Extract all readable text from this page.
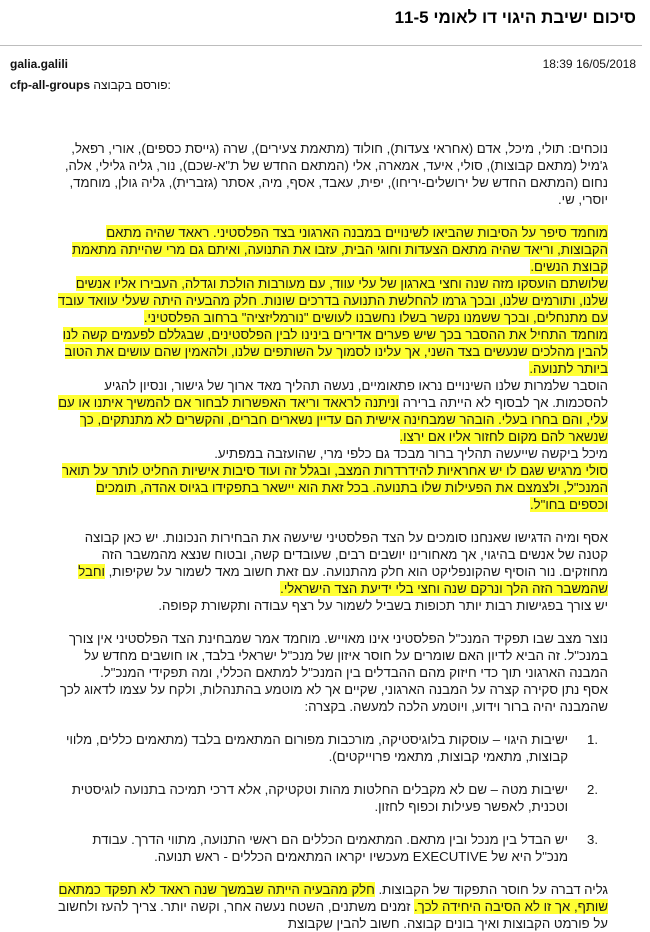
סיכום ישיבת היגוי דו לאומי 11-5
galia.galili	18:39 16/05/2018
cfp-all-groups פורסם בקבוצה:

נוכחים: תולי, מיכל, אדם (אחראי צעדות), חולוד (מתאמת צעירים), שרה (גייסת כספים), אורי, רפאל, ג'מיל (מתאם קבוצות), סולי, איעד, אמארה, אלי (המתאם החדש של ת"א-שכם), נור, גליה גלילי, אלה, נחום (המתאם החדש של ירושלים-יריחו), יפית, עאבד, אסף, מיה, אסתר (גזברית), גליה גולן, מוחמד, יוסרי, שי.

מוחמד סיפר על הסיבות שהביאו לשינויים במבנה הארגוני בצד הפלסטיני. ראאד שהיה מתאם הקבוצות, וריאד שהיה מתאם הצעדות וחוגי הבית, עזבו את התנועה, ואיתם גם מרי שהייתה מתאמת קבוצת הנשים.

שלושתם הועסקו מזה שנה וחצי בארגון של עלי עווד, עם מעורבות הולכת וגדלה, העבירו אליו אנשים שלנו, ותורמים שלנו, ובכך גרמו להחלשת התנועה בדרכים שונות. חלק מהבעיה היתה שעלי עוואד עובד עם מתנחלים, ובכך ששמנו נקשר בשלו נחשבנו לעושים "נורמליזציה" ברחוב הפלסטיני.

מוחמד התחיל את ההסבר בכך שיש פערים אדירים בינינו לבין הפלסטינים, שבגללם לפעמים קשה לנו להבין מהלכים שנעשים בצד השני, אך עלינו לסמוך על השותפים שלנו, ולהאמין שהם עושים את הטוב ביותר לתנועה.

הוסבר שלמרות שלנו השינויים נראו פתאומיים, נעשה תהליך מאד ארוך של גישור, ונסיון להגיע להסכמות. אך לבסוף לא הייתה ברירה וניתנה לראאד וריאד האפשרות לבחור אם להמשיך איתנו או עם עלי, והם בחרו בעלי. הובהר שמבחינה אישית הם עדיין נשארים חברים, והקשרים לא מתנתקים, כך שנשאר להם מקום לחזור אליו אם ירצו.

מיכל ביקשה שייעשה תהליך ברור מבכד גם כלפי מרי, שהועזבה במפתיע.

סולי מרגיש שגם לו יש אחראיות להידרדרות המצב, ובגלל זה ועוד סיבות אישיות החליט לותר על תואר המנכ"ל, ולצמצם את הפעילות שלו בתנועה. בכל זאת הוא יישאר בתפקידו בגיוס אהדה, תומכים וכספים בחו"ל.

אסף ומיה הדגישו שאנחנו סומכים על הצד הפלסטיני שיעשה את הבחירות הנכונות. יש כאן קבוצה קטנה של אנשים בהיגוי, אך מאחורינו יושבים רבים, שעובדים קשה, ובטוח שנצא מהמשבר הזה מחוזקים. נור הוסיף שהקונפליקט הוא חלק מהתנועה. עם זאת חשוב מאד לשמור על שקיפות, וחבל שהמשבר הזה הלך ונרקם שנה וחצי בלי ידיעת הצד הישראלי.

יש צורך בפגישות רבות יותר תכופות בשביל לשמור על רצף עבודה ותקשורת קפופה.

נוצר מצב שבו תפקיד המנכ"ל הפלסטיני אינו מאוייש. מוחמד אמר שמבחינת הצד הפלסטיני אין צורך במנכ"ל. זה הביא לדיון האם שומרים על חוסר איזון של מנכ"ל ישראלי בלבד, או חושבים מחדש על המבנה הארגוני תוך כדי חיזוק מהם ההבדלים בין המנכ"ל למתאם הכללי, ומה תפקידי המנכ"ל.

אסף נתן סקירה קצרה על המבנה הארגוני, שקיים אך לא מוטמע בהתנהלות, ולקח על עצמו לדאוג לכך שהמבנה יהיה ברור וידוע, ויוטמע הלכה למעשה. בקצרה:

.1
ישיבות היגוי – עוסקות בלוגיסטיקה, מורכבות מפורום המתאמים בלבד (מתאמים כללים, מלווי קבוצות, מתאמי קבוצות, מתאמי פרוייקטים).
.2
ישיבות מטה – שם לא מקבלים החלטות מהות וטקטיקה, אלא דרכי תמיכה בתנועה לוגיסטית וטכנית, לאפשר פעילות וכפוף לחזון.
.3
יש הבדל בין מנכל ובין מתאם. המתאמים הכללים הם ראשי התנועה, מתווי הדרך. עבודת מנכ"ל היא של EXECUTIVE מעכשיו יקראו המתאמים הכללים - ראש תנועה.

גליה דברה על חוסר התפקוד של הקבוצות. חלק מהבעיה הייתה שבמשך שנה ראאד לא תפקד כמתאם שותף, אך זו לא הסיבה היחידה לכך. זמנים משתנים, השטח נעשה אחר, וקשה יותר. צריך להעז ולחשוב על פורמט הקבוצות ואיך בונים קבוצה. חשוב להבין שקבוצת
